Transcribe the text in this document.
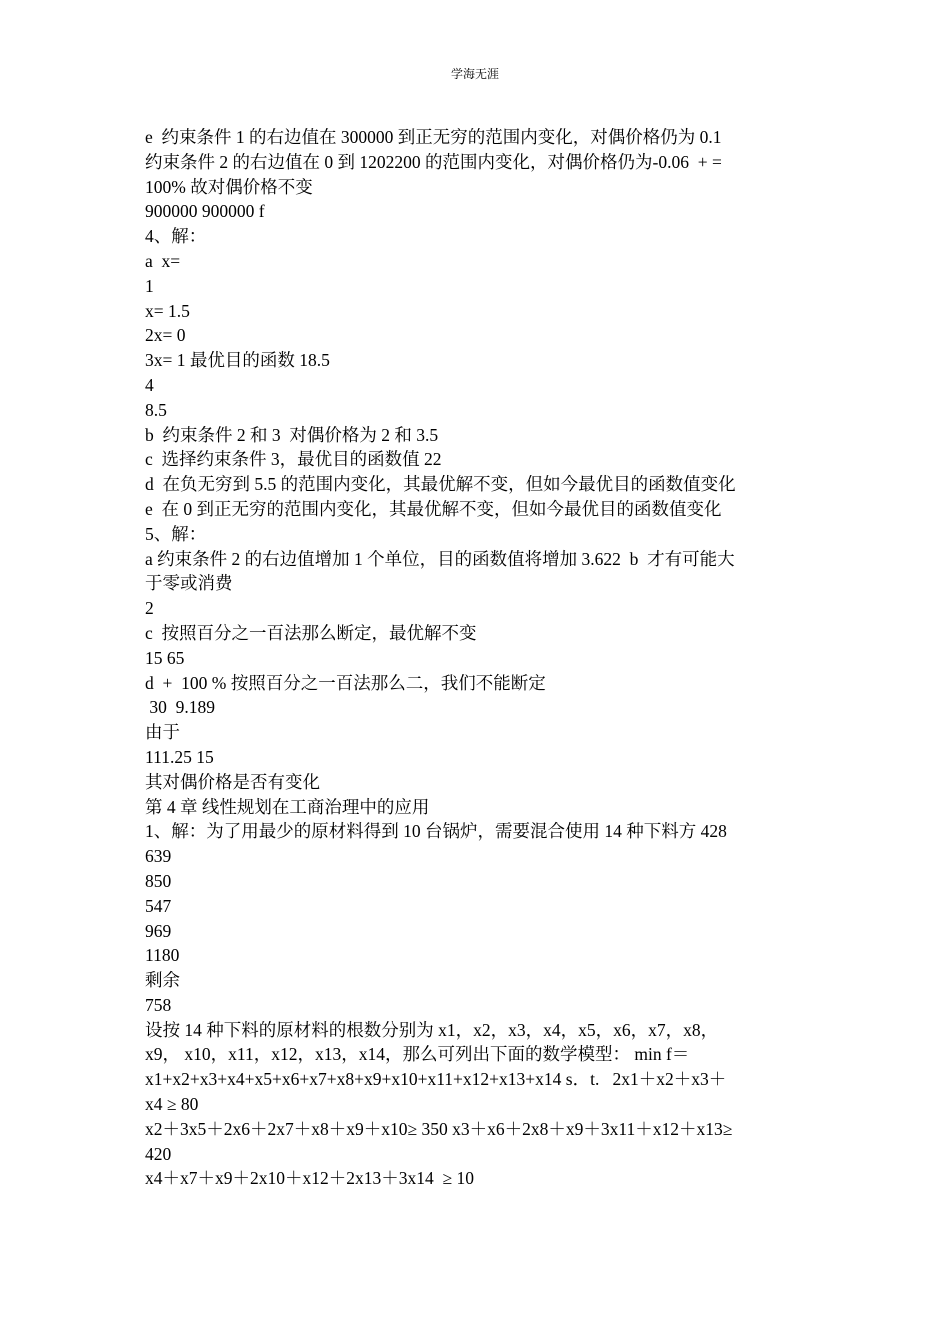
学海无涯

e  约束条件 1 的右边值在 300000 到正无穷的范围内变化，对偶价格仍为 0.1

约束条件 2 的右边值在 0 到 1202200 的范围内变化，对偶价格仍为-0.06  + =

100% 故对偶价格不变

900000 900000 f

4、解：

a  x=

1

x= 1.5

2x= 0

3x= 1 最优目的函数 18.5

4

8.5

b  约束条件 2 和 3  对偶价格为 2 和 3.5

c  选择约束条件 3，最优目的函数值 22

d  在负无穷到 5.5 的范围内变化，其最优解不变，但如今最优目的函数值变化

e  在 0 到正无穷的范围内变化，其最优解不变，但如今最优目的函数值变化

5、解：

a 约束条件 2 的右边值增加 1 个单位，目的函数值将增加 3.622  b  才有可能大

于零或消费

2

c  按照百分之一百法那么断定，最优解不变

15 65

d  +  100 % 按照百分之一百法那么二，我们不能断定

30  9.189

由于

111.25 15

其对偶价格是否有变化

第 4 章 线性规划在工商治理中的应用

1、解：为了用最少的原材料得到 10 台锅炉，需要混合使用 14 种下料方 428

639

850

547

969

1180

剩余

758

设按 14 种下料的原材料的根数分别为 x1，x2，x3，x4，x5，x6，x7，x8，

x9， x10，x11，x12，x13，x14，那么可列出下面的数学模型： min f＝

x1+x2+x3+x4+x5+x6+x7+x8+x9+x10+x11+x12+x13+x14 s．t.   2x1＋x2＋x3＋

x4 ≥ 80

x2＋3x5＋2x6＋2x7＋x8＋x9＋x10≥ 350 x3＋x6＋2x8＋x9＋3x11＋x12＋x13≥

420

x4＋x7＋x9＋2x10＋x12＋2x13＋3x14  ≥ 10
